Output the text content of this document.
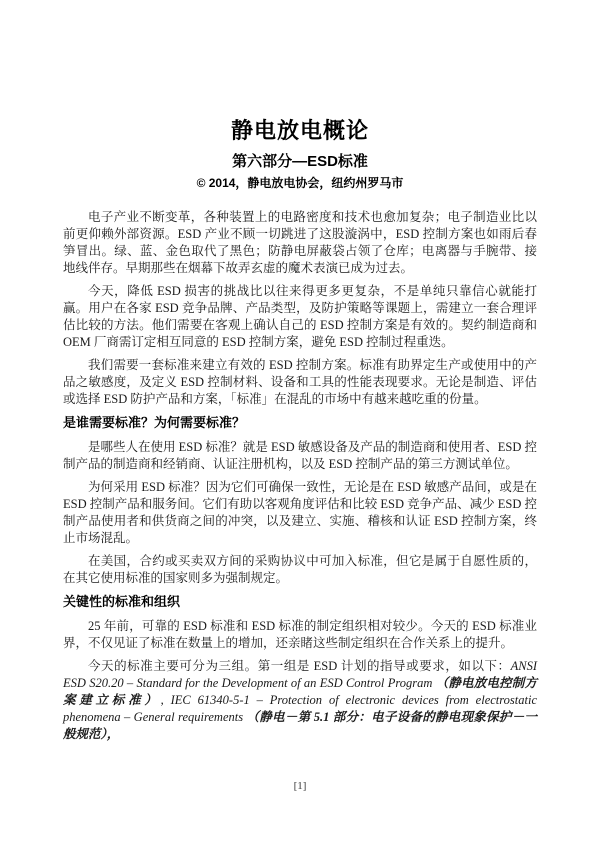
静电放电概论
第六部分—ESD标准
© 2014，静电放电协会，纽约州罗马市

电子产业不断变革，各种装置上的电路密度和技术也愈加复杂；电子制造业比以前更仰赖外部资源。ESD 产业不顾一切跳进了这股漩涡中，ESD 控制方案也如雨后春笋冒出。绿、蓝、金色取代了黑色；防静电屏蔽袋占领了仓库；电离器与手腕带、接地线伴存。早期那些在烟幕下故弄玄虚的魔术表演已成为过去。

今天，降低 ESD 损害的挑战比以往来得更多更复杂，不是单纯只靠信心就能打赢。用户在各家 ESD 竞争品牌、产品类型，及防护策略等课题上，需建立一套合理评估比较的方法。他们需要在客观上确认自己的 ESD 控制方案是有效的。契约制造商和 OEM 厂商需订定相互同意的 ESD 控制方案，避免 ESD 控制过程重迭。

我们需要一套标准来建立有效的 ESD 控制方案。标准有助界定生产或使用中的产品之敏感度，及定义 ESD 控制材料、设备和工具的性能表现要求。无论是制造、评估或选择 ESD 防护产品和方案，「标准」在混乱的市场中有越来越吃重的份量。

是谁需要标准？为何需要标准？

是哪些人在使用 ESD 标准？就是 ESD 敏感设备及产品的制造商和使用者、ESD 控制产品的制造商和经销商、认证注册机构，以及 ESD 控制产品的第三方测试单位。

为何采用 ESD 标准？因为它们可确保一致性，无论是在 ESD 敏感产品间，或是在 ESD 控制产品和服务间。它们有助以客观角度评估和比较 ESD 竞争产品、减少 ESD 控制产品使用者和供货商之间的冲突，以及建立、实施、稽核和认证 ESD 控制方案，终止市场混乱。

在美国，合约或买卖双方间的采购协议中可加入标准，但它是属于自愿性质的，在其它使用标准的国家则多为强制规定。

关键性的标准和组织

25 年前，可靠的 ESD 标准和 ESD 标准的制定组织相对较少。今天的 ESD 标准业界，不仅见证了标准在数量上的增加，还亲睹这些制定组织在合作关系上的提升。

今天的标准主要可分为三组。第一组是 ESD 计划的指导或要求，如以下：ANSI ESD S20.20 – Standard for the Development of an ESD Control Program （静电放电控制方案建立标准）, IEC 61340-5-1 – Protection of electronic devices from electrostatic phenomena – General requirements （静电－第 5.1 部分：电子设备的静电现象保护－一般规范），

[1]
